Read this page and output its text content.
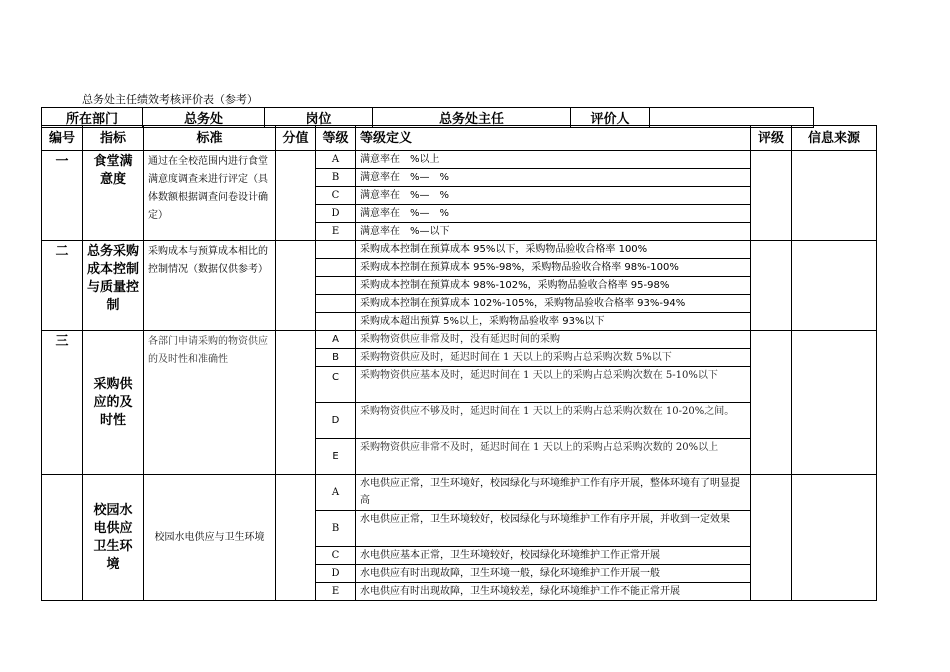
总务处主任绩效考核评价表（参考）
所在部门	总务处	岗位	总务处主任	评价人	
编号	指标	标准	分值	等级	等级定义	评级	信息来源
一	食堂满意度	通过在全校范围内进行食堂满意度调查来进行评定（具体数额根据调查问卷设计确定）		A	满意率在　%以上		
				B	满意率在　%—　%		
				C	满意率在　%—　%		
				D	满意率在　%—　%		
				E	满意率在　%—以下		
二	总务采购成本控制与质量控制	采购成本与预算成本相比的控制情况（数据仅供参考）			采购成本控制在预算成本 95%以下，采购物品验收合格率 100%		
					采购成本控制在预算成本 95%-98%，采购物品验收合格率 98%-100%		
					采购成本控制在预算成本 98%-102%，采购物品验收合格率 95-98%		
					采购成本控制在预算成本 102%-105%，采购物品验收合格率 93%-94%		
					采购成本超出预算 5%以上，采购物品验收率 93%以下		
三	采购供应的及时性	各部门申请采购的物资供应的及时性和准确性		A	采购物资供应非常及时，没有延迟时间的采购		
				B	采购物资供应及时，延迟时间在 1 天以上的采购占总采购次数 5%以下		
				C	采购物资供应基本及时，延迟时间在 1 天以上的采购占总采购次数在 5-10%以下		
				D	采购物资供应不够及时，延迟时间在 1 天以上的采购占总采购次数在 10-20%之间。		
				E	采购物资供应非常不及时，延迟时间在 1 天以上的采购占总采购次数的 20%以上		
	校园水电供应卫生环境	校园水电供应与卫生环境		A	水电供应正常，卫生环境好，校园绿化与环境维护工作有序开展，整体环境有了明显提高		
				B	水电供应正常，卫生环境较好，校园绿化与环境维护工作有序开展，并收到一定效果		
				C	水电供应基本正常，卫生环境较好，校园绿化环境维护工作正常开展		
				D	水电供应有时出现故障，卫生环境一般，绿化环境维护工作开展一般		
				E	水电供应有时出现故障，卫生环境较差，绿化环境维护工作不能正常开展		
